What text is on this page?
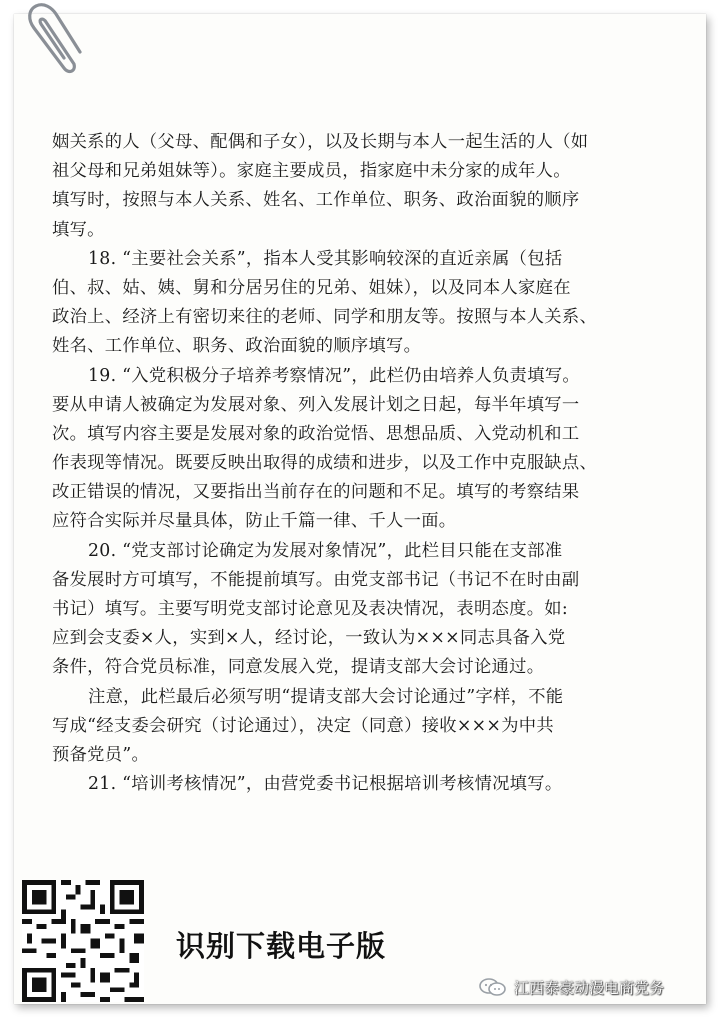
姻关系的人（父母、配偶和子女），以及长期与本人一起生活的人（如
祖父母和兄弟姐妹等）。家庭主要成员，指家庭中未分家的成年人。
填写时，按照与本人关系、姓名、工作单位、职务、政治面貌的顺序
填写。
18. “主要社会关系”，指本人受其影响较深的直近亲属（包括
伯、叔、姑、姨、舅和分居另住的兄弟、姐妹），以及同本人家庭在
政治上、经济上有密切来往的老师、同学和朋友等。按照与本人关系、
姓名、工作单位、职务、政治面貌的顺序填写。
19. “入党积极分子培养考察情况”，此栏仍由培养人负责填写。
要从申请人被确定为发展对象、列入发展计划之日起，每半年填写一
次。填写内容主要是发展对象的政治觉悟、思想品质、入党动机和工
作表现等情况。既要反映出取得的成绩和进步，以及工作中克服缺点、
改正错误的情况，又要指出当前存在的问题和不足。填写的考察结果
应符合实际并尽量具体，防止千篇一律、千人一面。
20. “党支部讨论确定为发展对象情况”，此栏目只能在支部准
备发展时方可填写，不能提前填写。由党支部书记（书记不在时由副
书记）填写。主要写明党支部讨论意见及表决情况，表明态度。如:
应到会支委×人，实到×人，经讨论，一致认为×××同志具备入党
条件，符合党员标准，同意发展入党，提请支部大会讨论通过。
注意，此栏最后必须写明“提请支部大会讨论通过”字样，不能
写成“经支委会研究（讨论通过），决定（同意）接收×××为中共
预备党员”。
21. “培训考核情况”，由营党委书记根据培训考核情况填写。
识别下载电子版
江西泰豪动漫电商党务
